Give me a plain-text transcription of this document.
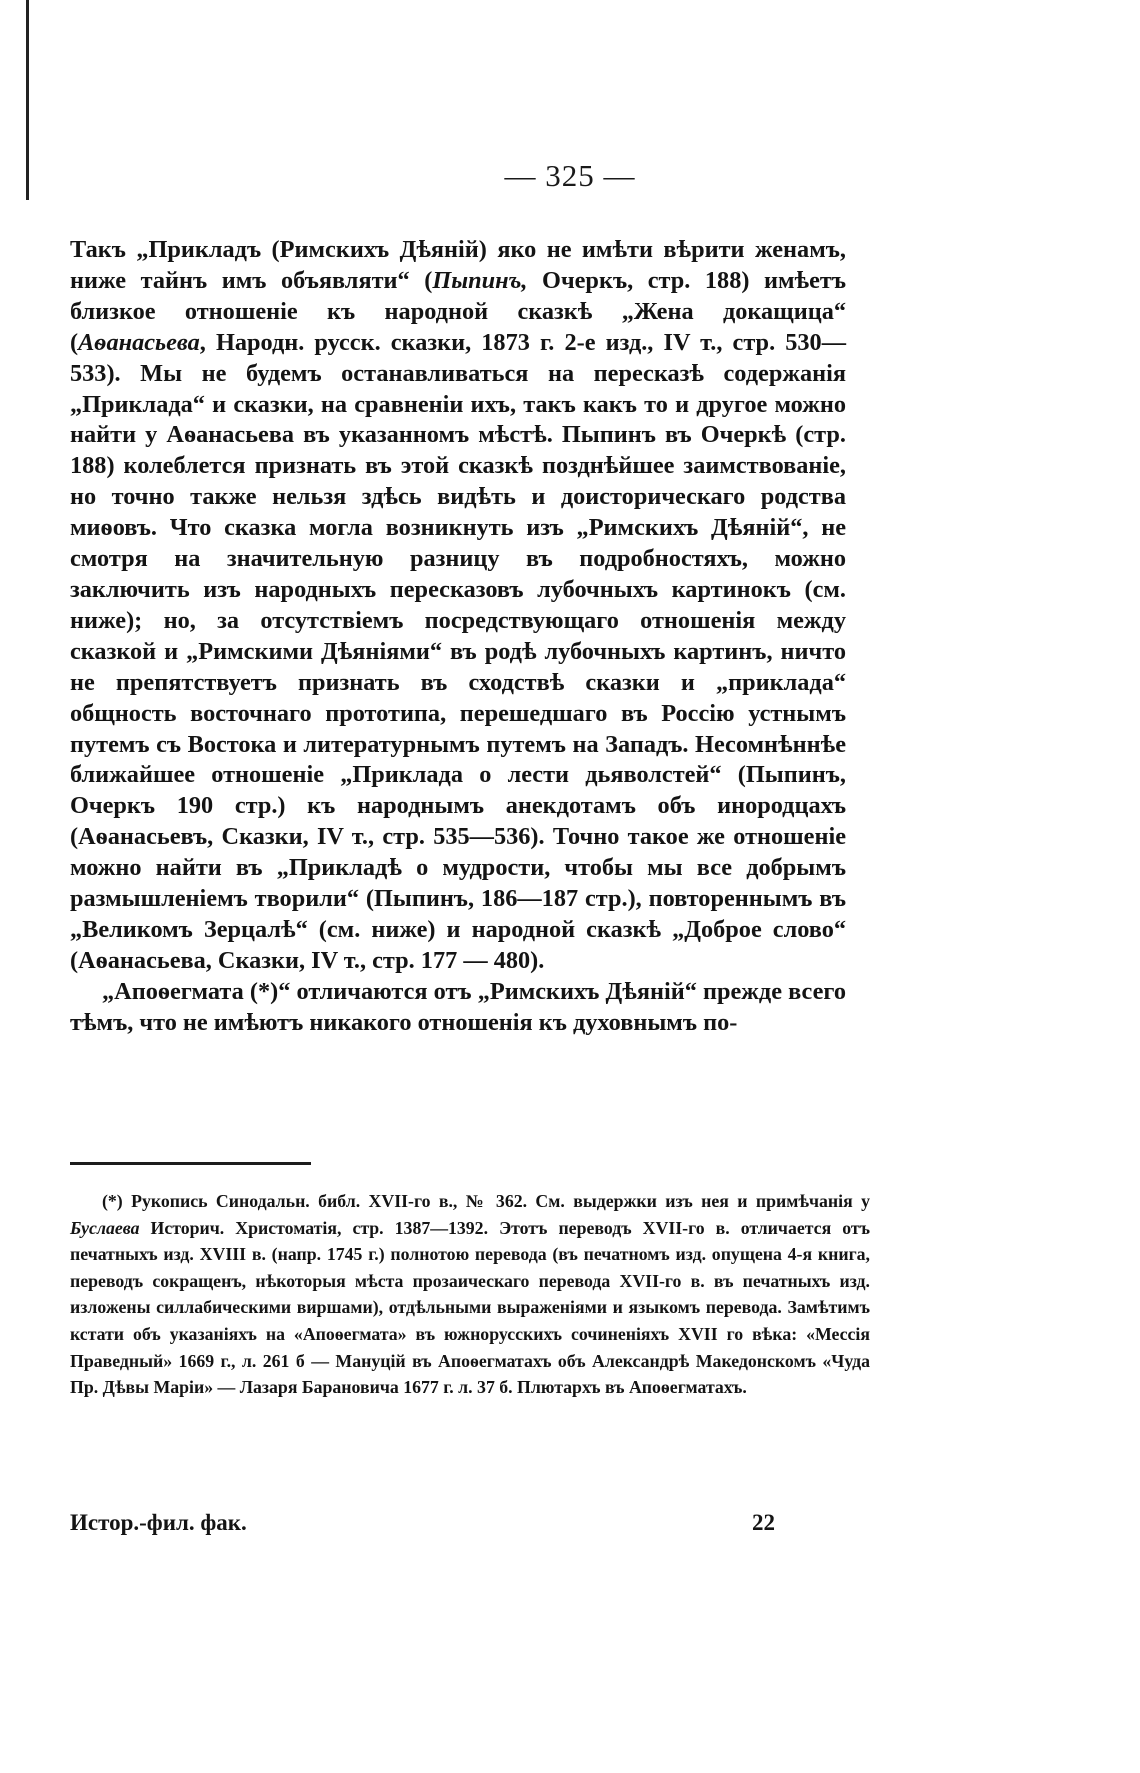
— 325 —

Такъ „Прикладъ (Римскихъ Дѣяній) яко не имѣти вѣрити женамъ, ниже тайнъ имъ объявляти“ (Пыпинъ, Очеркъ, стр. 188) имѣетъ близкое отношеніе къ народной сказкѣ „Жена докащица“ (Аѳанасьева, Народн. русск. сказки, 1873 г. 2-е изд., IV т., стр. 530—533). Мы не будемъ останавливаться на пересказѣ содержанія „Приклада“ и сказки, на сравненіи ихъ, такъ какъ то и другое можно найти у Аѳанасьева въ указанномъ мѣстѣ. Пыпинъ въ Очеркѣ (стр. 188) колеблется признать въ этой сказкѣ позднѣйшее заимствованіе, но точно также нельзя здѣсь видѣть и доисторическаго родства миѳовъ. Что сказка могла возникнуть изъ „Римскихъ Дѣяній“, не смотря на значительную разницу въ подробностяхъ, можно заключить изъ народныхъ пересказовъ лубочныхъ картинокъ (см. ниже); но, за отсутствіемъ посредствующаго отношенія между сказкой и „Римскими Дѣяніями“ въ родѣ лубочныхъ картинъ, ничто не препятствуетъ признать въ сходствѣ сказки и „приклада“ общность восточнаго прототипа, перешедшаго въ Россію устнымъ путемъ съ Востока и литературнымъ путемъ на Западъ. Несомнѣннѣе ближайшее отношеніе „Приклада о лести дьяволстей“ (Пыпинъ, Очеркъ 190 стр.) къ народнымъ анекдотамъ объ инородцахъ (Аѳанасьевъ, Сказки, IV т., стр. 535—536). Точно такое же отношеніе можно найти въ „Прикладѣ о мудрости, чтобы мы все добрымъ размышленіемъ творили“ (Пыпинъ, 186—187 стр.), повтореннымъ въ „Великомъ Зерцалѣ“ (см. ниже) и народной сказкѣ „Доброе слово“ (Аѳанасьева, Сказки, IV т., стр. 177 — 480).

„Апоѳегмата (*)“ отличаются отъ „Римскихъ Дѣяній“ прежде всего тѣмъ, что не имѣютъ никакого отношенія къ духовнымъ по-

(*) Рукопись Синодальн. библ. XVII-го в., № 362. См. выдержки изъ нея и примѣчанія у Буслаева Историч. Христоматія, стр. 1387—1392. Этотъ переводъ XVII-го в. отличается отъ печатныхъ изд. XVIII в. (напр. 1745 г.) полнотою перевода (въ печатномъ изд. опущена 4-я книга, переводъ сокращенъ, нѣкоторыя мѣста прозаическаго перевода XVII-го в. въ печатныхъ изд. изложены силлабическими виршами), отдѣльными выраженіями и языкомъ перевода. Замѣтимъ кстати объ указаніяхъ на «Апоѳегмата» въ южнорусскихъ сочиненіяхъ XVII го вѣка: «Мессія Праведный» 1669 г., л. 261 б — Мануцій въ Апоѳегматахъ объ Александрѣ Македонскомъ «Чуда Пр. Дѣвы Маріи» — Лазаря Барановича 1677 г. л. 37 б. Плютархъ въ Апоѳегматахъ.

Истор.-фил. фак.	22
